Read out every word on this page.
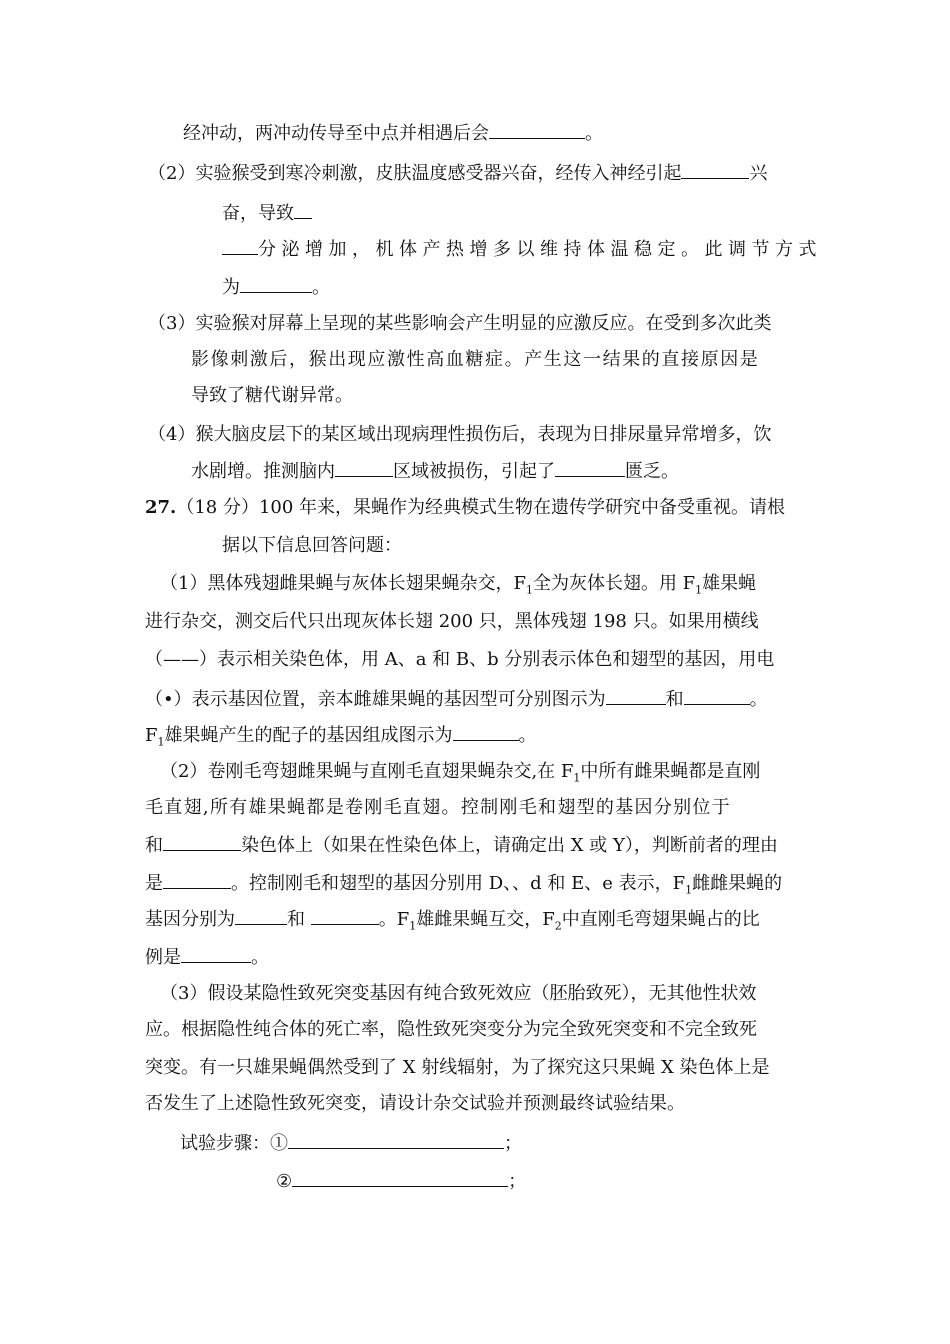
经冲动，两冲动传导至中点并相遇后会	。
（2）实验猴受到寒冷刺激，皮肤温度感受器兴奋，经传入神经引起	兴
奋，导致
分泌增加，机体产热增多以维持体温稳定。此调节方式
为	。
（3）实验猴对屏幕上呈现的某些影响会产生明显的应激反应。在受到多次此类
影像刺激后，猴出现应激性高血糖症。产生这一结果的直接原因是
导致了糖代谢异常。
（4）猴大脑皮层下的某区域出现病理性损伤后，表现为日排尿量异常增多，饮
水剧增。推测脑内	区域被损伤，引起了	匮乏。
27.（18 分）100 年来，果蝇作为经典模式生物在遗传学研究中备受重视。请根
据以下信息回答问题：
（1）黑体残翅雌果蝇与灰体长翅果蝇杂交，$F_1$全为灰体长翅。用 $F_1$雄果蝇
进行杂交，测交后代只出现灰体长翅 200 只，黑体残翅 198 只。如果用横线
（——）表示相关染色体，用 A、a 和 B、b 分别表示体色和翅型的基因，用电
（•）表示基因位置，亲本雌雄果蝇的基因型可分别图示为	和	。
$F_1$雄果蝇产生的配子的基因组成图示为	。
（2）卷刚毛弯翅雌果蝇与直刚毛直翅果蝇杂交,在 $F_1$中所有雌果蝇都是直刚
毛直翅,所有雄果蝇都是卷刚毛直翅。控制刚毛和翅型的基因分别位于
和	染色体上（如果在性染色体上，请确定出 X 或 Y），判断前者的理由
是	。控制刚毛和翅型的基因分别用 D、、d 和 E、e 表示，$F_1$雌雌果蝇的
基因分别为	和	。$F_1$雄雌果蝇互交，$F_2$中直刚毛弯翅果蝇占的比
例是	。
（3）假设某隐性致死突变基因有纯合致死效应（胚胎致死），无其他性状效
应。根据隐性纯合体的死亡率，隐性致死突变分为完全致死突变和不完全致死
突变。有一只雄果蝇偶然受到了 X 射线辐射，为了探究这只果蝇 X 染色体上是
否发生了上述隐性致死突变，请设计杂交试验并预测最终试验结果。
试验步骤：①	；
②	；
